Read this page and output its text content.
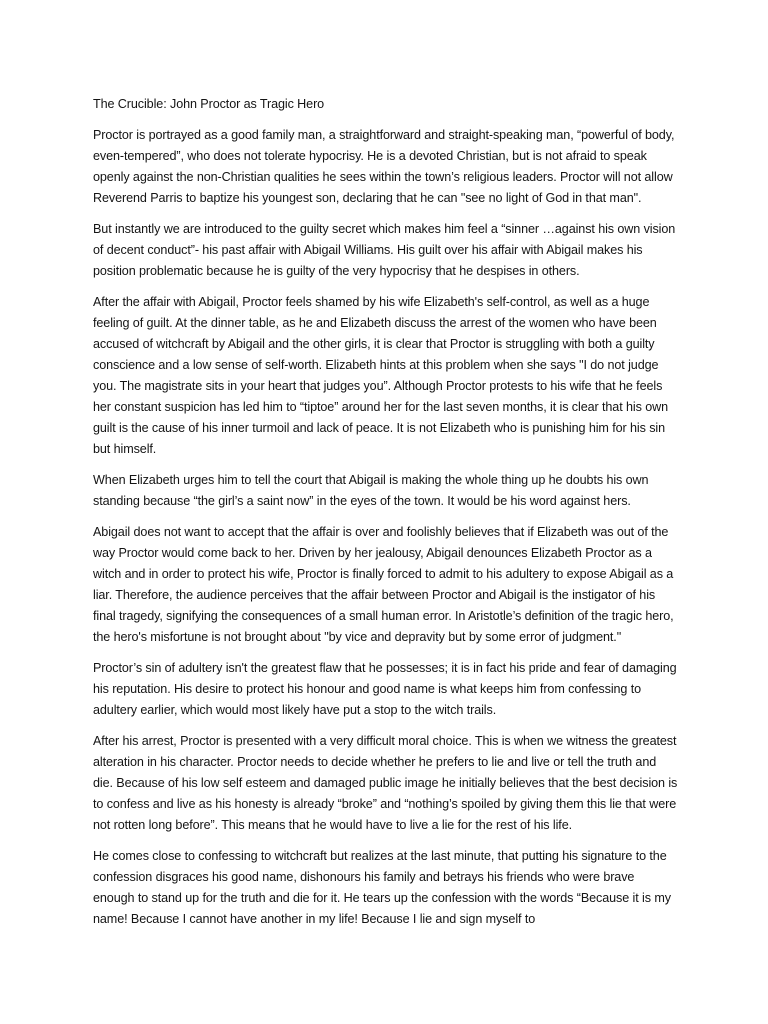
The Crucible: John Proctor as Tragic Hero

Proctor is portrayed as a good family man, a straightforward and straight-speaking man, “powerful of body, even-tempered”, who does not tolerate hypocrisy. He is a devoted Christian, but is not afraid to speak openly against the non-Christian qualities he sees within the town’s religious leaders. Proctor will not allow Reverend Parris to baptize his youngest son, declaring that he can "see no light of God in that man".

But instantly we are introduced to the guilty secret which makes him feel a “sinner …against his own vision of decent conduct”- his past affair with Abigail Williams. His guilt over his affair with Abigail makes his position problematic because he is guilty of the very hypocrisy that he despises in others.

After the affair with Abigail, Proctor feels shamed by his wife Elizabeth's self-control, as well as a huge feeling of guilt. At the dinner table, as he and Elizabeth discuss the arrest of the women who have been accused of witchcraft by Abigail and the other girls, it is clear that Proctor is struggling with both a guilty conscience and a low sense of self-worth. Elizabeth hints at this problem when she says "I do not judge you. The magistrate sits in your heart that judges you”. Although Proctor protests to his wife that he feels her constant suspicion has led him to “tiptoe” around her for the last seven months, it is clear that his own guilt is the cause of his inner turmoil and lack of peace. It is not Elizabeth who is punishing him for his sin but himself.

When Elizabeth urges him to tell the court that Abigail is making the whole thing up he doubts his own standing because “the girl’s a saint now” in the eyes of the town. It would be his word against hers.

Abigail does not want to accept that the affair is over and foolishly believes that if Elizabeth was out of the way Proctor would come back to her. Driven by her jealousy, Abigail denounces Elizabeth Proctor as a witch and in order to protect his wife, Proctor is finally forced to admit to his adultery to expose Abigail as a liar. Therefore, the audience perceives that the affair between Proctor and Abigail is the instigator of his final tragedy, signifying the consequences of a small human error. In Aristotle’s definition of the tragic hero, the hero's misfortune is not brought about "by vice and depravity but by some error of judgment."

Proctor’s sin of adultery isn't the greatest flaw that he possesses; it is in fact his pride and fear of damaging his reputation. His desire to protect his honour and good name is what keeps him from confessing to adultery earlier, which would most likely have put a stop to the witch trails.

After his arrest, Proctor is presented with a very difficult moral choice. This is when we witness the greatest alteration in his character. Proctor needs to decide whether he prefers to lie and live or tell the truth and die. Because of his low self esteem and damaged public image he initially believes that the best decision is to confess and live as his honesty is already “broke” and “nothing’s spoiled by giving them this lie that were not rotten long before”. This means that he would have to live a lie for the rest of his life.

He comes close to confessing to witchcraft but realizes at the last minute, that putting his signature to the confession disgraces his good name, dishonours his family and betrays his friends who were brave enough to stand up for the truth and die for it. He tears up the confession with the words “Because it is my name! Because I cannot have another in my life! Because I lie and sign myself to
